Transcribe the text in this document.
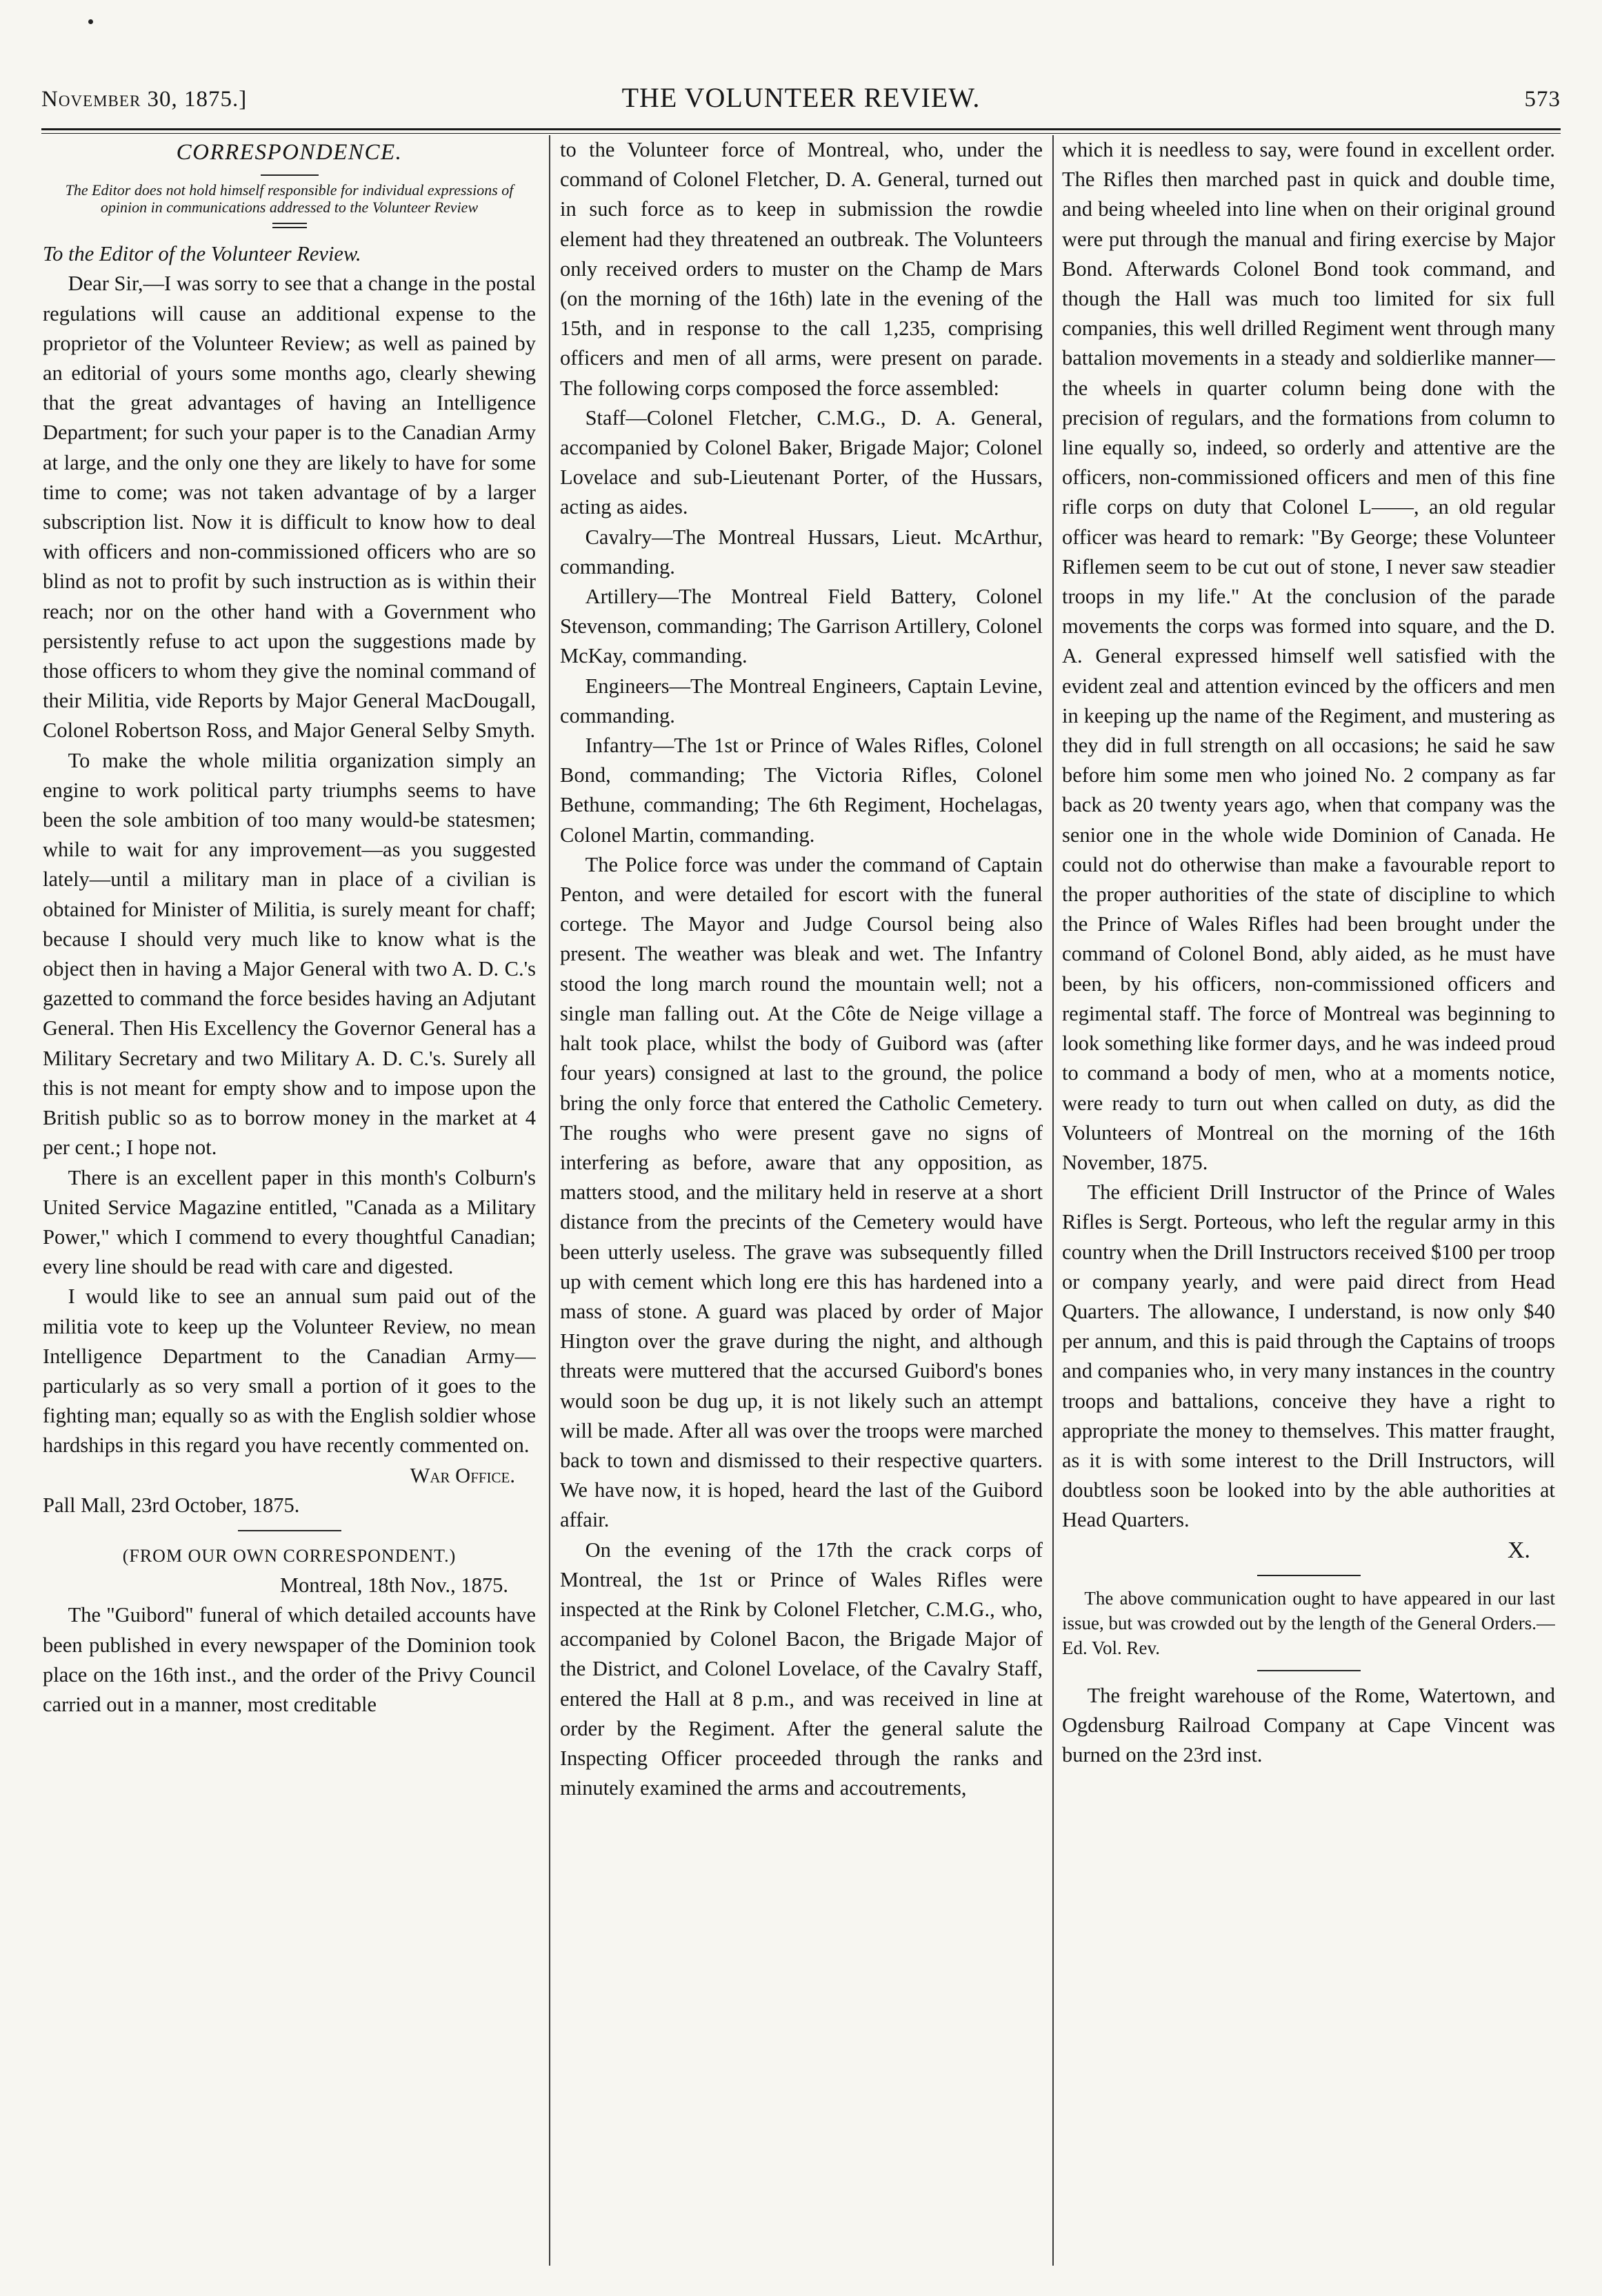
November 30, 1875.]	THE VOLUNTEER REVIEW.	573
CORRESPONDENCE.
The Editor does not hold himself responsible for individual expressions of opinion in communications addressed to the Volunteer Review

To the Editor of the Volunteer Review.

Dear Sir,—I was sorry to see that a change in the postal regulations will cause an additional expense to the proprietor of the Volunteer Review; as well as pained by an editorial of yours some months ago, clearly shewing that the great advantages of having an Intelligence Department; for such your paper is to the Canadian Army at large, and the only one they are likely to have for some time to come; was not taken advantage of by a larger subscription list. Now it is difficult to know how to deal with officers and non-commissioned officers who are so blind as not to profit by such instruction as is within their reach; nor on the other hand with a Government who persistently refuse to act upon the suggestions made by those officers to whom they give the nominal command of their Militia, vide Reports by Major General MacDougall, Colonel Robertson Ross, and Major General Selby Smyth.

To make the whole militia organization simply an engine to work political party triumphs seems to have been the sole ambition of too many would-be statesmen; while to wait for any improvement—as you suggested lately—until a military man in place of a civilian is obtained for Minister of Militia, is surely meant for chaff; because I should very much like to know what is the object then in having a Major General with two A. D. C.'s gazetted to command the force besides having an Adjutant General. Then His Excellency the Governor General has a Military Secretary and two Military A. D. C.'s. Surely all this is not meant for empty show and to impose upon the British public so as to borrow money in the market at 4 per cent.; I hope not.

There is an excellent paper in this month's Colburn's United Service Magazine entitled, "Canada as a Military Power," which I commend to every thoughtful Canadian; every line should be read with care and digested.

I would like to see an annual sum paid out of the militia vote to keep up the Volunteer Review, no mean Intelligence Department to the Canadian Army—particularly as so very small a portion of it goes to the fighting man; equally so as with the English soldier whose hardships in this regard you have recently commented on.

War Office.

Pall Mall, 23rd October, 1875.

(FROM OUR OWN CORRESPONDENT.)

Montreal, 18th Nov., 1875.

The "Guibord" funeral of which detailed accounts have been published in every newspaper of the Dominion took place on the 16th inst., and the order of the Privy Council carried out in a manner, most creditable

to the Volunteer force of Montreal, who, under the command of Colonel Fletcher, D. A. General, turned out in such force as to keep in submission the rowdie element had they threatened an outbreak. The Volunteers only received orders to muster on the Champ de Mars (on the morning of the 16th) late in the evening of the 15th, and in response to the call 1,235, comprising officers and men of all arms, were present on parade. The following corps composed the force assembled:

Staff—Colonel Fletcher, C.M.G., D. A. General, accompanied by Colonel Baker, Brigade Major; Colonel Lovelace and sub-Lieutenant Porter, of the Hussars, acting as aides.

Cavalry—The Montreal Hussars, Lieut. McArthur, commanding.

Artillery—The Montreal Field Battery, Colonel Stevenson, commanding; The Garrison Artillery, Colonel McKay, commanding.

Engineers—The Montreal Engineers, Captain Levine, commanding.

Infantry—The 1st or Prince of Wales Rifles, Colonel Bond, commanding; The Victoria Rifles, Colonel Bethune, commanding; The 6th Regiment, Hochelagas, Colonel Martin, commanding.

The Police force was under the command of Captain Penton, and were detailed for escort with the funeral cortege. The Mayor and Judge Coursol being also present. The weather was bleak and wet. The Infantry stood the long march round the mountain well; not a single man falling out. At the Côte de Neige village a halt took place, whilst the body of Guibord was (after four years) consigned at last to the ground, the police bring the only force that entered the Catholic Cemetery. The roughs who were present gave no signs of interfering as before, aware that any opposition, as matters stood, and the military held in reserve at a short distance from the precints of the Cemetery would have been utterly useless. The grave was subsequently filled up with cement which long ere this has hardened into a mass of stone. A guard was placed by order of Major Hington over the grave during the night, and although threats were muttered that the accursed Guibord's bones would soon be dug up, it is not likely such an attempt will be made. After all was over the troops were marched back to town and dismissed to their respective quarters. We have now, it is hoped, heard the last of the Guibord affair.

On the evening of the 17th the crack corps of Montreal, the 1st or Prince of Wales Rifles were inspected at the Rink by Colonel Fletcher, C.M.G., who, accompanied by Colonel Bacon, the Brigade Major of the District, and Colonel Lovelace, of the Cavalry Staff, entered the Hall at 8 p.m., and was received in line at order by the Regiment. After the general salute the Inspecting Officer proceeded through the ranks and minutely examined the arms and accoutrements,

which it is needless to say, were found in excellent order. The Rifles then marched past in quick and double time, and being wheeled into line when on their original ground were put through the manual and firing exercise by Major Bond. Afterwards Colonel Bond took command, and though the Hall was much too limited for six full companies, this well drilled Regiment went through many battalion movements in a steady and soldierlike manner—the wheels in quarter column being done with the precision of regulars, and the formations from column to line equally so, indeed, so orderly and attentive are the officers, non-commissioned officers and men of this fine rifle corps on duty that Colonel L——, an old regular officer was heard to remark: "By George; these Volunteer Riflemen seem to be cut out of stone, I never saw steadier troops in my life." At the conclusion of the parade movements the corps was formed into square, and the D. A. General expressed himself well satisfied with the evident zeal and attention evinced by the officers and men in keeping up the name of the Regiment, and mustering as they did in full strength on all occasions; he said he saw before him some men who joined No. 2 company as far back as 20 twenty years ago, when that company was the senior one in the whole wide Dominion of Canada. He could not do otherwise than make a favourable report to the proper authorities of the state of discipline to which the Prince of Wales Rifles had been brought under the command of Colonel Bond, ably aided, as he must have been, by his officers, non-commissioned officers and regimental staff. The force of Montreal was beginning to look something like former days, and he was indeed proud to command a body of men, who at a moments notice, were ready to turn out when called on duty, as did the Volunteers of Montreal on the morning of the 16th November, 1875.

The efficient Drill Instructor of the Prince of Wales Rifles is Sergt. Porteous, who left the regular army in this country when the Drill Instructors received $100 per troop or company yearly, and were paid direct from Head Quarters. The allowance, I understand, is now only $40 per annum, and this is paid through the Captains of troops and companies who, in very many instances in the country troops and battalions, conceive they have a right to appropriate the money to themselves. This matter fraught, as it is with some interest to the Drill Instructors, will doubtless soon be looked into by the able authorities at Head Quarters.

X.

The above communication ought to have appeared in our last issue, but was crowded out by the length of the General Orders.—Ed. Vol. Rev.

The freight warehouse of the Rome, Watertown, and Ogdensburg Railroad Company at Cape Vincent was burned on the 23rd inst.
